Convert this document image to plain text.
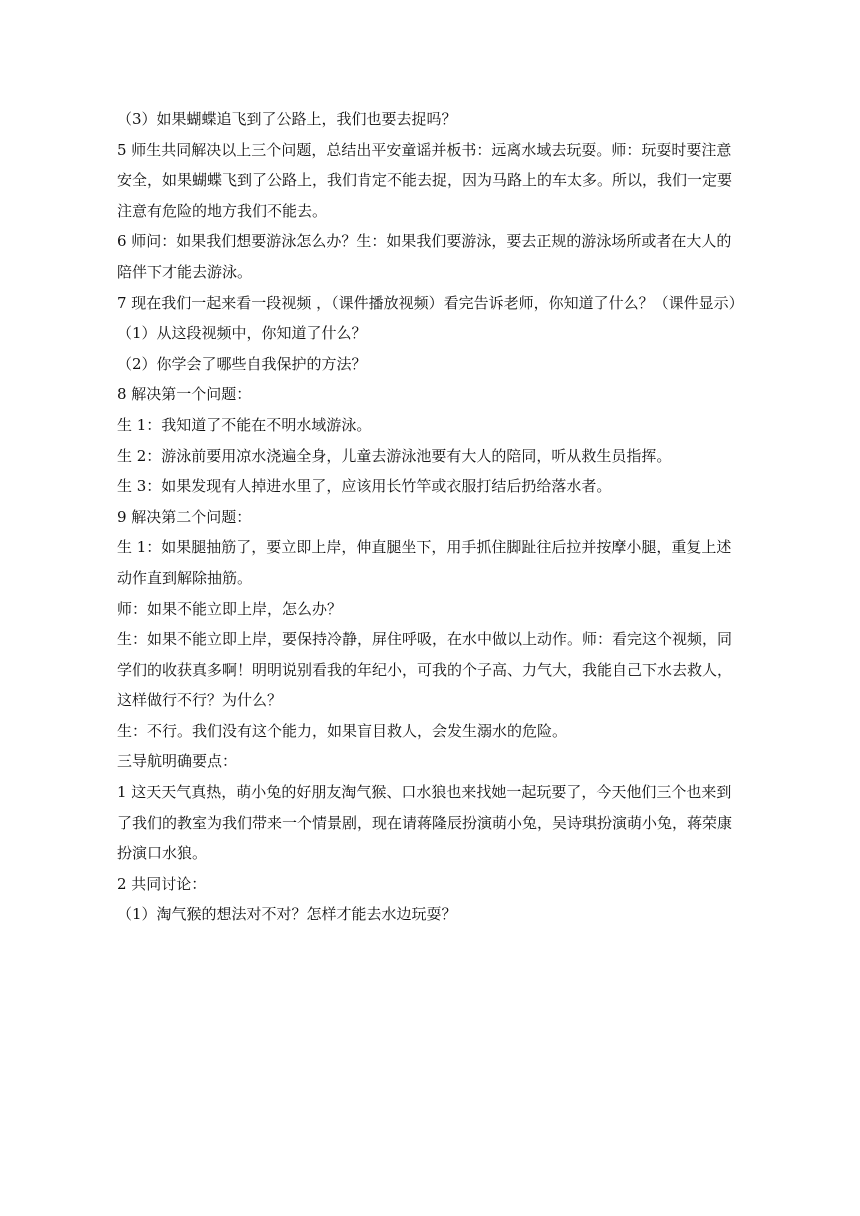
（3）如果蝴蝶追飞到了公路上，我们也要去捉吗？

5 师生共同解决以上三个问题，总结出平安童谣并板书：远离水域去玩耍。师：玩耍时要注意安全，如果蝴蝶飞到了公路上，我们肯定不能去捉，因为马路上的车太多。所以，我们一定要注意有危险的地方我们不能去。

6 师问：如果我们想要游泳怎么办？生：如果我们要游泳，要去正规的游泳场所或者在大人的陪伴下才能去游泳。

7 现在我们一起来看一段视频 ，（课件播放视频）看完告诉老师，你知道了什么？（课件显示）

（1）从这段视频中，你知道了什么？

（2）你学会了哪些自我保护的方法？

8 解决第一个问题：

生 1：我知道了不能在不明水域游泳。

生 2：游泳前要用凉水浇遍全身，儿童去游泳池要有大人的陪同，听从救生员指挥。

生 3：如果发现有人掉进水里了，应该用长竹竿或衣服打结后扔给落水者。

9 解决第二个问题：

生 1：如果腿抽筋了，要立即上岸，伸直腿坐下，用手抓住脚趾往后拉并按摩小腿，重复上述动作直到解除抽筋。

师：如果不能立即上岸，怎么办？

生：如果不能立即上岸，要保持冷静，屏住呼吸，在水中做以上动作。师：看完这个视频，同学们的收获真多啊！明明说别看我的年纪小，可我的个子高、力气大，我能自己下水去救人，这样做行不行？为什么？

生：不行。我们没有这个能力，如果盲目救人，会发生溺水的危险。

三导航明确要点：

1 这天天气真热，萌小兔的好朋友淘气猴、口水狼也来找她一起玩要了，今天他们三个也来到了我们的教室为我们带来一个情景剧，现在请蒋隆辰扮演萌小兔，吴诗琪扮演萌小兔，蒋荣康扮演口水狼。

2 共同讨论：

（1）淘气猴的想法对不对？怎样才能去水边玩耍？
